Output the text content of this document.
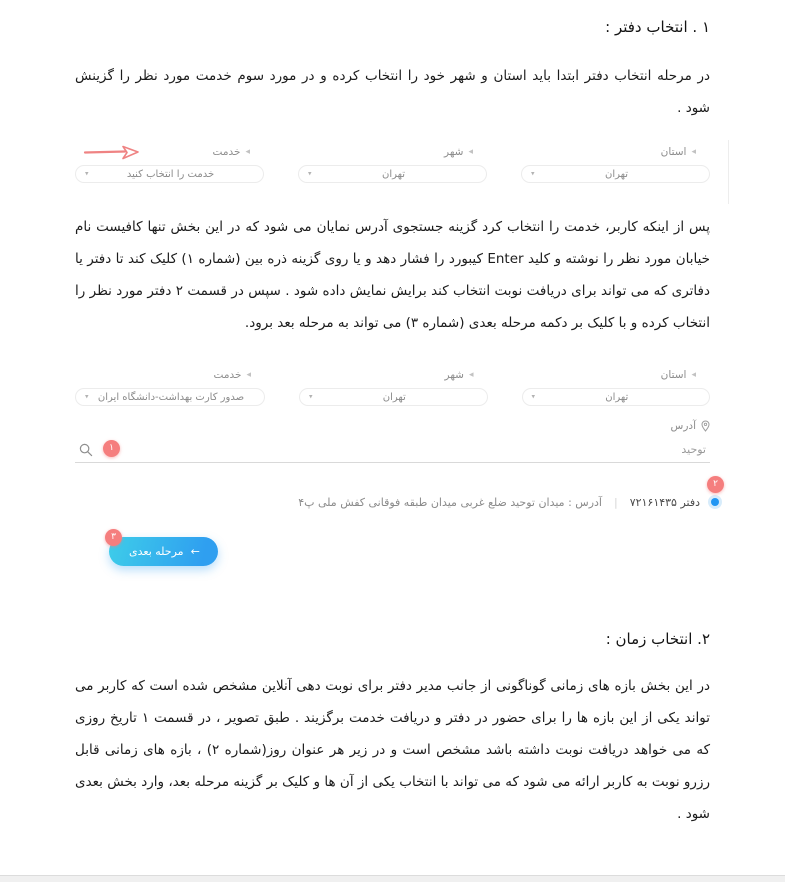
۱ . انتخاب دفتر :

در مرحله انتخاب دفتر ابتدا باید استان و شهر خود را انتخاب کرده و در مورد سوم خدمت مورد نظر را گزینش شود .

◂
استان
▾	تهران
◂
شهر
▾	تهران
◂
خدمت
▾	خدمت را انتخاب کنید

پس از اینکه کاربر، خدمت را انتخاب کرد گزینه جستجوی آدرس نمایان می شود که در این بخش تنها کافیست نام خیابان مورد نظر را نوشته و کلید Enter کیبورد را فشار دهد و یا روی گزینه ذره بین (شماره ۱) کلیک کند تا دفتر یا دفاتری که می تواند برای دریافت نوبت انتخاب کند برایش نمایش داده شود . سپس در قسمت ۲ دفتر مورد نظر را انتخاب کرده و با کلیک بر دکمه مرحله بعدی (شماره ۳) می تواند به مرحله بعد برود.

◂
استان
▾	تهران
◂
شهر
▾	تهران
◂
خدمت
▾ صدور کارت بهداشت-دانشگاه ایران
آدرس
توحید
۱
۲
دفتر ۷۲۱۶۱۴۳۵
|
آدرس : میدان توحید ضلع غربی میدان طبقه فوقانی کفش ملی پ۴
۳
←
مرحله بعدی
۲. انتخاب زمان :

در این بخش بازه های زمانی گوناگونی از جانب مدیر دفتر برای نوبت دهی آنلاین مشخص شده است که کاربر می تواند یکی از این بازه ها را برای حضور در دفتر و دریافت خدمت برگزیند . طبق تصویر ، در قسمت ۱ تاریخ روزی که می خواهد دریافت نوبت داشته باشد مشخص است و در زیر هر عنوان روز(شماره ۲) ، بازه های زمانی قابل رزرو نوبت به کاربر ارائه می شود که می تواند با انتخاب یکی از آن ها و کلیک بر گزینه مرحله بعد، وارد بخش بعدی شود .
